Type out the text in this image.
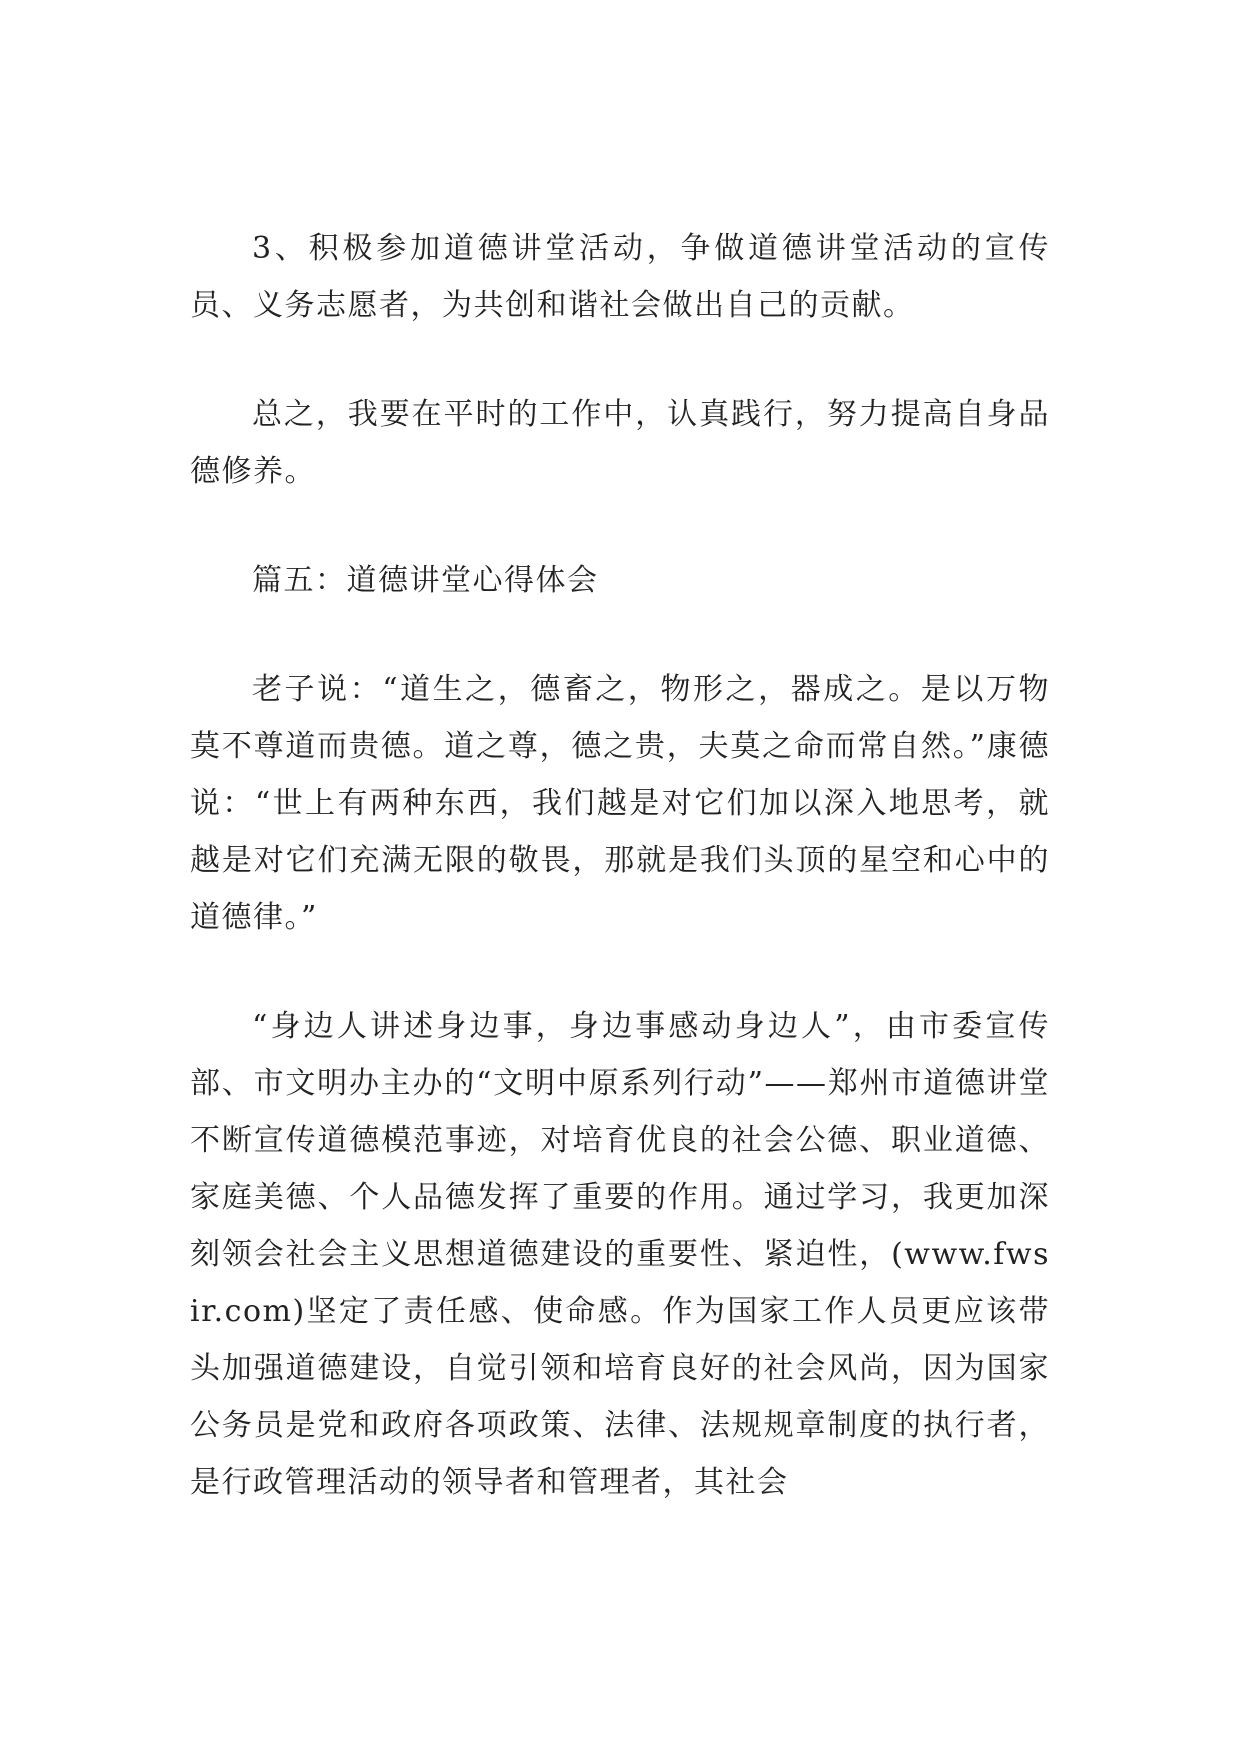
3、积极参加道德讲堂活动，争做道德讲堂活动的宣传员、义务志愿者，为共创和谐社会做出自己的贡献。

总之，我要在平时的工作中，认真践行，努力提高自身品德修养。

篇五：道德讲堂心得体会

老子说：“道生之，德畜之，物形之，器成之。是以万物莫不尊道而贵德。道之尊，德之贵，夫莫之命而常自然。”康德说：“世上有两种东西，我们越是对它们加以深入地思考，就越是对它们充满无限的敬畏，那就是我们头顶的星空和心中的道德律。”

“身边人讲述身边事，身边事感动身边人”，由市委宣传部、市文明办主办的“文明中原系列行动”——郑州市道德讲堂不断宣传道德模范事迹，对培育优良的社会公德、职业道德、家庭美德、个人品德发挥了重要的作用。通过学习，我更加深刻领会社会主义思想道德建设的重要性、紧迫性，(www.fwsir.com)坚定了责任感、使命感。作为国家工作人员更应该带头加强道德建设，自觉引领和培育良好的社会风尚，因为国家公务员是党和政府各项政策、法律、法规规章制度的执行者，是行政管理活动的领导者和管理者，其社会
